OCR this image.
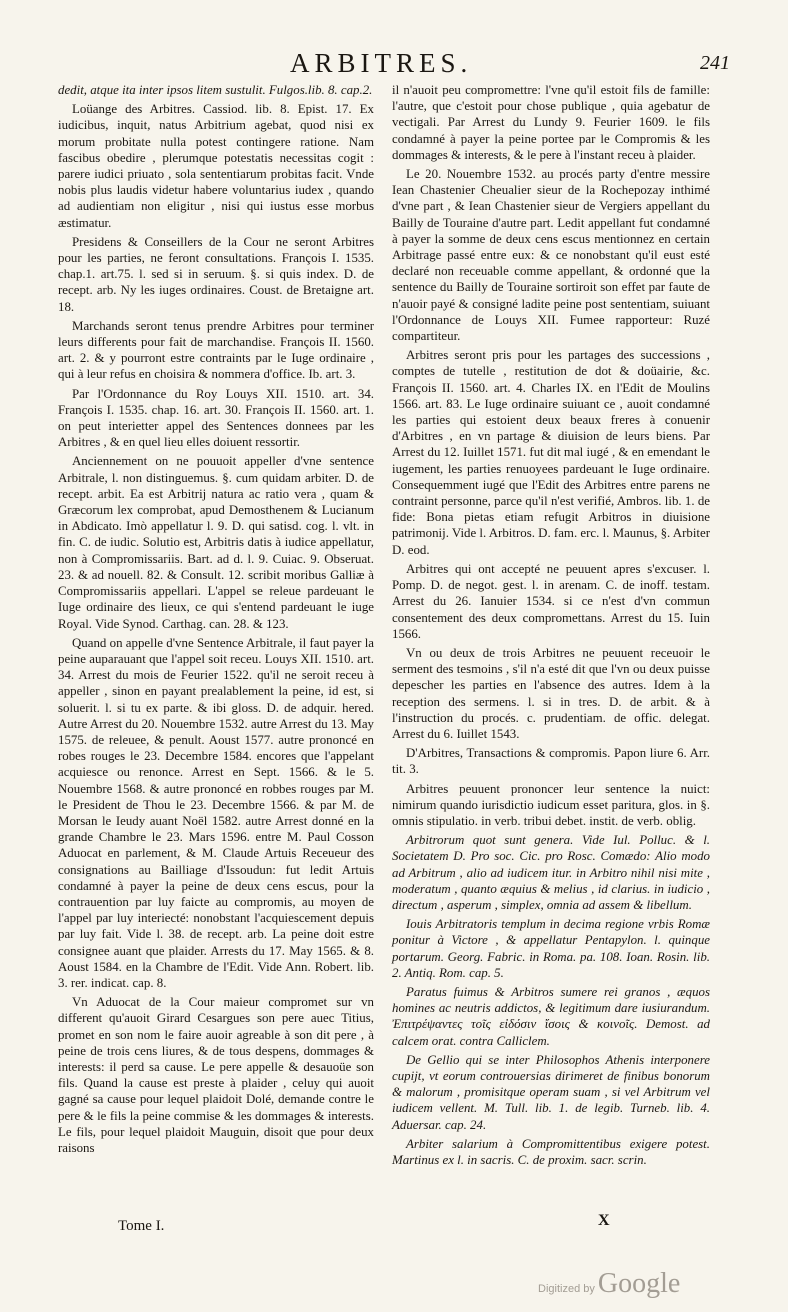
ARBITRES.	241

dedit, atque ita inter ipsos litem sustulit. Fulgos.lib. 8. cap.2.

Loüange des Arbitres. Cassiod. lib. 8. Epist. 17. Ex iudicibus, inquit, natus Arbitrium agebat, quod nisi ex morum probitate nulla potest contingere ratione. Nam fascibus obedire , plerumque potestatis necessitas cogit : parere iudici priuato , sola sententiarum probitas facit. Vnde nobis plus laudis videtur habere voluntarius iudex , quando ad audientiam non eligitur , nisi qui iustus esse morbus æstimatur.

Presidens & Conseillers de la Cour ne seront Arbitres pour les parties, ne feront consultations. François I. 1535. chap.1. art.75. l. sed si in seruum. §. si quis index. D. de recept. arb. Ny les iuges ordinaires. Coust. de Bretaigne art. 18.

Marchands seront tenus prendre Arbitres pour terminer leurs differents pour fait de marchandise. François II. 1560. art. 2. & y pourront estre contraints par le Iuge ordinaire , qui à leur refus en choisira & nommera d'office. Ib. art. 3.

Par l'Ordonnance du Roy Louys XII. 1510. art. 34. François I. 1535. chap. 16. art. 30. François II. 1560. art. 1. on peut interietter appel des Sentences donnees par les Arbitres , & en quel lieu elles doiuent ressortir.

Anciennement on ne pouuoit appeller d'vne sentence Arbitrale, l. non distinguemus. §. cum quidam arbiter. D. de recept. arbit. Ea est Arbitrij natura ac ratio vera , quam & Græcorum lex comprobat, apud Demosthenem & Lucianum in Abdicato. Imò appellatur l. 9. D. qui satisd. cog. l. vlt. in fin. C. de iudic. Solutio est, Arbitris datis à iudice appellatur, non à Compromissariis. Bart. ad d. l. 9. Cuiac. 9. Obseruat. 23. & ad nouell. 82. & Consult. 12. scribit moribus Galliæ à Compromissariis appellari. L'appel se releue pardeuant le Iuge ordinaire des lieux, ce qui s'entend pardeuant le iuge Royal. Vide Synod. Carthag. can. 28. & 123.

Quand on appelle d'vne Sentence Arbitrale, il faut payer la peine auparauant que l'appel soit receu. Louys XII. 1510. art. 34. Arrest du mois de Feurier 1522. qu'il ne seroit receu à appeller , sinon en payant prealablement la peine, id est, si soluerit. l. si tu ex parte. & ibi gloss. D. de adquir. hered. Autre Arrest du 20. Nouembre 1532. autre Arrest du 13. May 1575. de releuee, & penult. Aoust 1577. autre prononcé en robes rouges le 23. Decembre 1584. encores que l'appelant acquiesce ou renonce. Arrest en Sept. 1566. & le 5. Nouembre 1568. & autre prononcé en robbes rouges par M. le President de Thou le 23. Decembre 1566. & par M. de Morsan le Ieudy auant Noël 1582. autre Arrest donné en la grande Chambre le 23. Mars 1596. entre M. Paul Cosson Aduocat en parlement, & M. Claude Artuis Receueur des consignations au Bailliage d'Issoudun: fut ledit Artuis condamné à payer la peine de deux cens escus, pour la contrauention par luy faicte au compromis, au moyen de l'appel par luy interiecté: nonobstant l'acquiescement depuis par luy fait. Vide l. 38. de recept. arb. La peine doit estre consignee auant que plaider. Arrests du 17. May 1565. & 8. Aoust 1584. en la Chambre de l'Edit. Vide Ann. Robert. lib. 3. rer. indicat. cap. 8.

Vn Aduocat de la Cour maieur compromet sur vn different qu'auoit Girard Cesargues son pere auec Titius, promet en son nom le faire auoir agreable à son dit pere , à peine de trois cens liures, & de tous despens, dommages & interests: il perd sa cause. Le pere appelle & desauoüe son fils. Quand la cause est preste à plaider , celuy qui auoit gagné sa cause pour lequel plaidoit Dolé, demande contre le pere & le fils la peine commise & les dommages & interests. Le fils, pour lequel plaidoit Mauguin, disoit que pour deux raisons

il n'auoit peu compromettre: l'vne qu'il estoit fils de famille: l'autre, que c'estoit pour chose publique , quia agebatur de vectigali. Par Arrest du Lundy 9. Feurier 1609. le fils condamné à payer la peine portee par le Compromis & les dommages & interests, & le pere à l'instant receu à plaider.

Le 20. Nouembre 1532. au procés party d'entre messire Iean Chastenier Cheualier sieur de la Rochepozay inthimé d'vne part , & Iean Chastenier sieur de Vergiers appellant du Bailly de Touraine d'autre part. Ledit appellant fut condamné à payer la somme de deux cens escus mentionnez en certain Arbitrage passé entre eux: & ce nonobstant qu'il eust esté declaré non receuable comme appellant, & ordonné que la sentence du Bailly de Touraine sortiroit son effet par faute de n'auoir payé & consigné ladite peine post sententiam, suiuant l'Ordonnance de Louys XII. Fumee rapporteur: Ruzé compartiteur.

Arbitres seront pris pour les partages des successions , comptes de tutelle , restitution de dot & doüairie, &c. François II. 1560. art. 4. Charles IX. en l'Edit de Moulins 1566. art. 83. Le Iuge ordinaire suiuant ce , auoit condamné les parties qui estoient deux beaux freres à conuenir d'Arbitres , en vn partage & diuision de leurs biens. Par Arrest du 12. Iuillet 1571. fut dit mal iugé , & en emendant le iugement, les parties renuoyees pardeuant le Iuge ordinaire. Consequemment iugé que l'Edit des Arbitres entre parens ne contraint personne, parce qu'il n'est verifié, Ambros. lib. 1. de fide: Bona pietas etiam refugit Arbitros in diuisione patrimonij. Vide l. Arbitros. D. fam. erc. l. Maunus, §. Arbiter D. eod.

Arbitres qui ont accepté ne peuuent apres s'excuser. l. Pomp. D. de negot. gest. l. in arenam. C. de inoff. testam. Arrest du 26. Ianuier 1534. si ce n'est d'vn commun consentement des deux compromettans. Arrest du 15. Iuin 1566.

Vn ou deux de trois Arbitres ne peuuent receuoir le serment des tesmoins , s'il n'a esté dit que l'vn ou deux puisse depescher les parties en l'absence des autres. Idem à la reception des sermens. l. si in tres. D. de arbit. & à l'instruction du procés. c. prudentiam. de offic. delegat. Arrest du 6. Iuillet 1543.

D'Arbitres, Transactions & compromis. Papon liure 6. Arr. tit. 3.

Arbitres peuuent prononcer leur sentence la nuict: nimirum quando iurisdictio iudicum esset paritura, glos. in §. omnis stipulatio. in verb. tribui debet. instit. de verb. oblig.

Arbitrorum quot sunt genera. Vide Iul. Polluc. & l. Societatem D. Pro soc. Cic. pro Rosc. Comædo: Alio modo ad Arbitrum , alio ad iudicem itur. in Arbitro nihil nisi mite , moderatum , quanto æquius & melius , id clarius. in iudicio , directum , asperum , simplex, omnia ad assem & libellum.

Iouis Arbitratoris templum in decima regione vrbis Romæ ponitur à Victore , & appellatur Pentapylon. l. quinque portarum. Georg. Fabric. in Roma. pa. 108. Ioan. Rosin. lib. 2. Antiq. Rom. cap. 5.

Paratus fuimus & Arbitros sumere rei granos , æquos homines ac neutris addictos, & legitimum dare iusiurandum. Ἐπιτρέψαντες τοῖς εἰδόσιν ἴσοις & κοινοῖς. Demost. ad calcem orat. contra Calliclem.

De Gellio qui se inter Philosophos Athenis interponere cupijt, vt eorum controuersias dirimeret de finibus bonorum & malorum , promisitque operam suam , si vel Arbitrum vel iudicem vellent. M. Tull. lib. 1. de legib. Turneb. lib. 4. Aduersar. cap. 24.

Arbiter salarium à Compromittentibus exigere potest. Martinus ex l. in sacris. C. de proxim. sacr. scrin.

Tome I.	X
Digitized by Google
